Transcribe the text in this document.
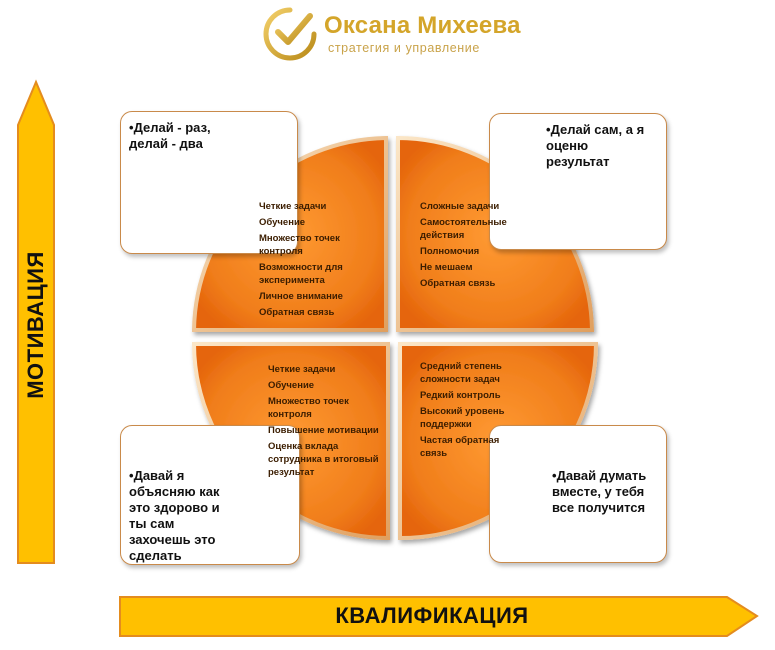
Оксана Михеева
стратегия и управление
•Делай - раз,
делай - два
•Делай сам, а я
оценю
результат
•Давай я
объясняю как
это здорово и
ты сам
захочешь это
сделать
•Давай думать
вместе, у тебя
все получится
Четкие задачи
Обучение
Множество точек
контроля
Возможности для
эксперимента
Личное внимание
Обратная связь
Сложные задачи
Самостоятельные
действия
Полномочия
Не мешаем
Обратная связь
Четкие задачи
Обучение
Множество точек
контроля
Повышение мотивации
Оценка вклада
сотрудника в итоговый
результат
Средний степень
сложности задач
Редкий контроль
Высокий уровень
поддержки
Частая обратная
связь
МОТИВАЦИЯ
КВАЛИФИКАЦИЯ
